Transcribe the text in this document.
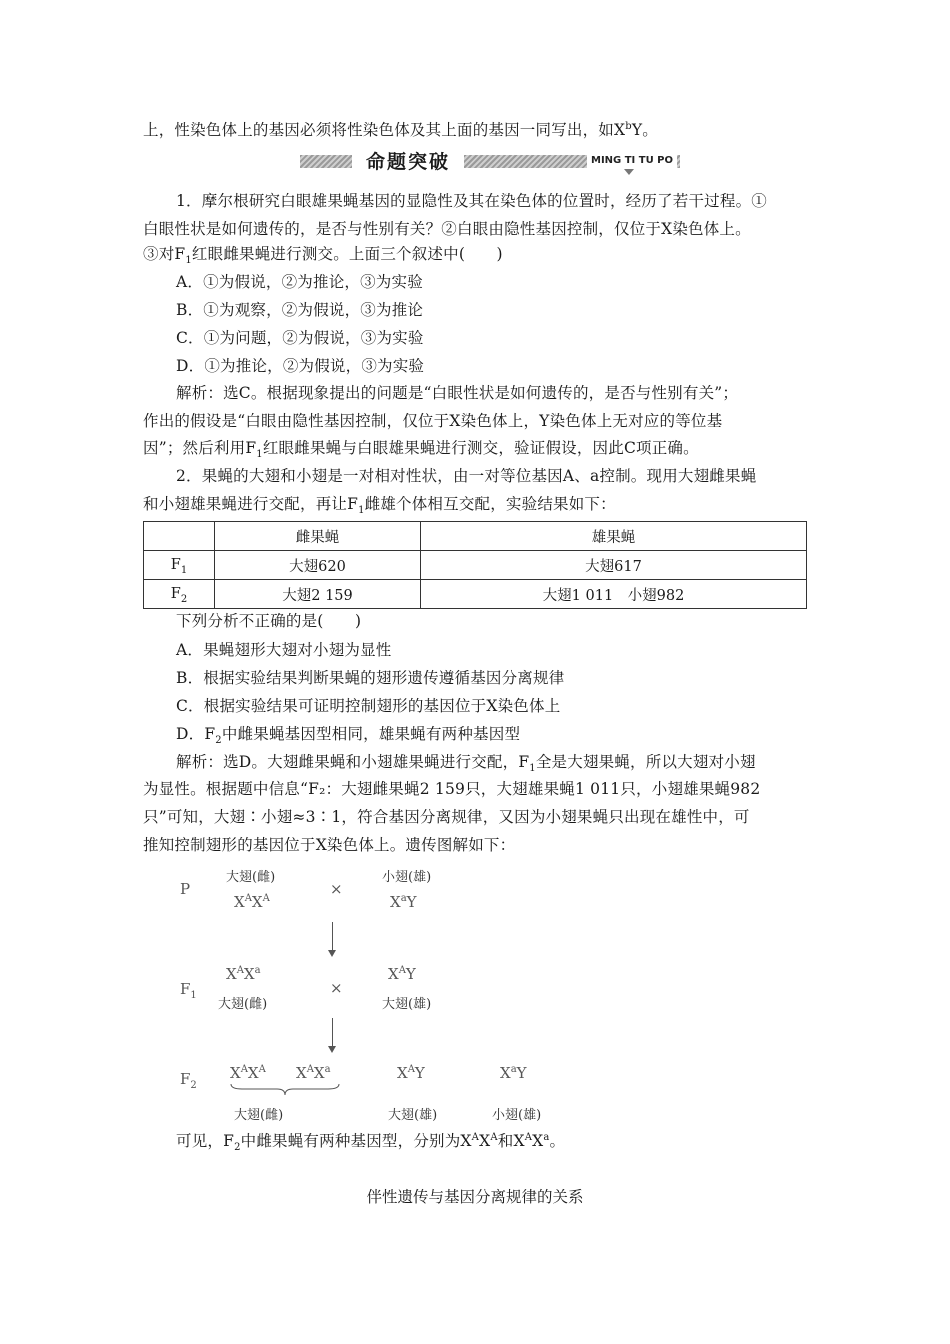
上，性染色体上的基因必须将性染色体及其上面的基因一同写出，如$X^bY$。
命题突破	MING TI TU PO
1．摩尔根研究白眼雄果蝇基因的显隐性及其在染色体的位置时，经历了若干过程。①
白眼性状是如何遗传的，是否与性别有关？②白眼由隐性基因控制，仅位于X染色体上。
③对$F_1$红眼雌果蝇进行测交。上面三个叙述中(　　)
A．①为假说，②为推论，③为实验
B．①为观察，②为假说，③为推论
C．①为问题，②为假说，③为实验
D．①为推论，②为假说，③为实验
解析：选C。根据现象提出的问题是“白眼性状是如何遗传的，是否与性别有关”；
作出的假设是“白眼由隐性基因控制，仅位于X染色体上，Y染色体上无对应的等位基
因”；然后利用$F_1$红眼雌果蝇与白眼雄果蝇进行测交，验证假设，因此C项正确。
2．果蝇的大翅和小翅是一对相对性状，由一对等位基因A、a控制。现用大翅雌果蝇
和小翅雄果蝇进行交配，再让$F_1$雌雄个体相互交配，实验结果如下：
	雌果蝇	雄果蝇
$F_1$	大翅620	大翅617
$F_2$	大翅2 159	大翅1 011　小翅982
下列分析不正确的是(　　)
A．果蝇翅形大翅对小翅为显性
B．根据实验结果判断果蝇的翅形遗传遵循基因分离规律
C．根据实验结果可证明控制翅形的基因位于X染色体上
D．$F_2$中雌果蝇基因型相同，雄果蝇有两种基因型
解析：选D。大翅雌果蝇和小翅雄果蝇进行交配，$F_1$全是大翅果蝇，所以大翅对小翅
为显性。根据题中信息“F₂：大翅雌果蝇2 159只，大翅雄果蝇1 011只，小翅雄果蝇982
只”可知，大翅∶小翅≈3∶1，符合基因分离规律，又因为小翅果蝇只出现在雄性中，可
推知控制翅形的基因位于X染色体上。遗传图解如下：
P
大翅(雌)	小翅(雄)
×
$X^AX^A$	$X^aY$
$X^AX^a$	$X^AY$
$F_1$	×
大翅(雌)	大翅(雄)
$F_2$
$X^AX^A$ $X^AX^a$	$X^AY$	$X^aY$
大翅(雌)	大翅(雄)	小翅(雄)
可见，$F_2$中雌果蝇有两种基因型，分别为$X^AX^A$和$X^AX^a$。
伴性遗传与基因分离规律的关系
